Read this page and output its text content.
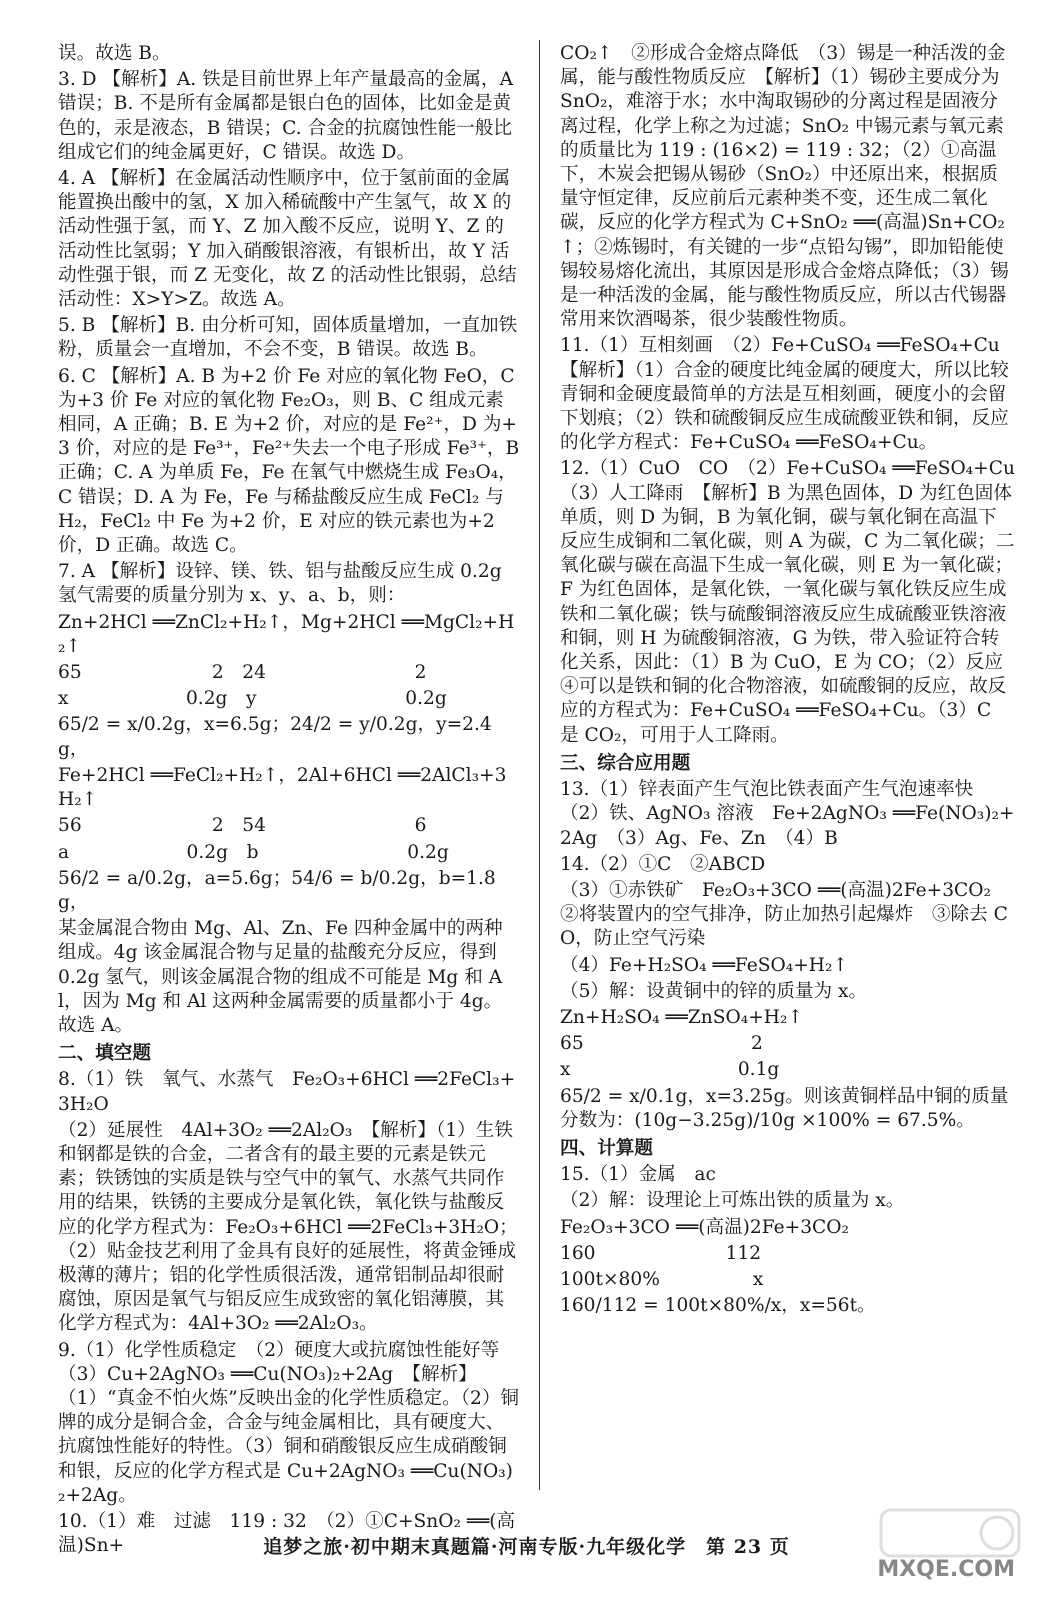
误。故选 B。

3. D 【解析】A. 铁是目前世界上年产量最高的金属，A 错误；B. 不是所有金属都是银白色的固体，比如金是黄色的，汞是液态，B 错误；C. 合金的抗腐蚀性能一般比组成它们的纯金属更好，C 错误。故选 D。

4. A 【解析】在金属活动性顺序中，位于氢前面的金属能置换出酸中的氢，X 加入稀硫酸中产生氢气，故 X 的活动性强于氢，而 Y、Z 加入酸不反应，说明 Y、Z 的活动性比氢弱；Y 加入硝酸银溶液，有银析出，故 Y 活动性强于银，而 Z 无变化，故 Z 的活动性比银弱，总结活动性：X>Y>Z。故选 A。

5. B 【解析】B. 由分析可知，固体质量增加，一直加铁粉，质量会一直增加，不会不变，B 错误。故选 B。

6. C 【解析】A. B 为+2 价 Fe 对应的氧化物 FeO，C 为+3 价 Fe 对应的氧化物 Fe₂O₃，则 B、C 组成元素相同，A 正确；B. E 为+2 价，对应的是 Fe²⁺，D 为+3 价，对应的是 Fe³⁺，Fe²⁺失去一个电子形成 Fe³⁺，B 正确；C. A 为单质 Fe，Fe 在氧气中燃烧生成 Fe₃O₄，C 错误；D. A 为 Fe，Fe 与稀盐酸反应生成 FeCl₂ 与 H₂，FeCl₂ 中 Fe 为+2 价，E 对应的铁元素也为+2 价，D 正确。故选 C。

7. A 【解析】设锌、镁、铁、铝与盐酸反应生成 0.2g 氢气需要的质量分别为 x、y、a、b，则：

Zn+2HCl ══ZnCl₂+H₂↑，Mg+2HCl ══MgCl₂+H₂↑

65　　　　　　　2　24　　　　　　　　2

x　　　　　　 0.2g　y　　　　　　　　0.2g

65/2 = x/0.2g，x=6.5g；24/2 = y/0.2g，y=2.4g，

Fe+2HCl ══FeCl₂+H₂↑，2Al+6HCl ══2AlCl₃+3H₂↑

56　　　　　　　2　54　　　　　　　　6

a　　　　　　 0.2g　b　　　　　　　　0.2g

56/2 = a/0.2g，a=5.6g；54/6 = b/0.2g，b=1.8g，

某金属混合物由 Mg、Al、Zn、Fe 四种金属中的两种组成。4g 该金属混合物与足量的盐酸充分反应，得到 0.2g 氢气，则该金属混合物的组成不可能是 Mg 和 Al，因为 Mg 和 Al 这两种金属需要的质量都小于 4g。故选 A。

二、填空题

8.（1）铁　氧气、水蒸气　Fe₂O₃+6HCl ══2FeCl₃+3H₂O

（2）延展性　4Al+3O₂ ══2Al₂O₃　【解析】（1）生铁和钢都是铁的合金，二者含有的最主要的元素是铁元素；铁锈蚀的实质是铁与空气中的氧气、水蒸气共同作用的结果，铁锈的主要成分是氧化铁，氧化铁与盐酸反应的化学方程式为：Fe₂O₃+6HCl ══2FeCl₃+3H₂O；（2）贴金技艺利用了金具有良好的延展性，将黄金锤成极薄的薄片；铝的化学性质很活泼，通常铝制品却很耐腐蚀，原因是氧气与铝反应生成致密的氧化铝薄膜，其化学方程式为：4Al+3O₂ ══2Al₂O₃。

9.（1）化学性质稳定　（2）硬度大或抗腐蚀性能好等　（3）Cu+2AgNO₃ ══Cu(NO₃)₂+2Ag　【解析】（1）“真金不怕火炼”反映出金的化学性质稳定。（2）铜牌的成分是铜合金，合金与纯金属相比，具有硬度大、抗腐蚀性能好的特性。（3）铜和硝酸银反应生成硝酸铜和银，反应的化学方程式是 Cu+2AgNO₃ ══Cu(NO₃)₂+2Ag。

10.（1）难　过滤　119 : 32　（2）①C+SnO₂ ══(高温)Sn+

CO₂↑　②形成合金熔点降低　（3）锡是一种活泼的金属，能与酸性物质反应　【解析】（1）锡砂主要成分为 SnO₂，难溶于水；水中淘取锡砂的分离过程是固液分离过程，化学上称之为过滤；SnO₂ 中锡元素与氧元素的质量比为 119 : (16×2) = 119 : 32；（2）①高温下，木炭会把锡从锡砂（SnO₂）中还原出来，根据质量守恒定律，反应前后元素种类不变，还生成二氧化碳，反应的化学方程式为 C+SnO₂ ══(高温)Sn+CO₂↑；②炼锡时，有关键的一步“点铅勾锡”，即加铅能使锡较易熔化流出，其原因是形成合金熔点降低；（3）锡是一种活泼的金属，能与酸性物质反应，所以古代锡器常用来饮酒喝茶，很少装酸性物质。

11.（1）互相刻画　（2）Fe+CuSO₄ ══FeSO₄+Cu　【解析】（1）合金的硬度比纯金属的硬度大，所以比较青铜和金硬度最简单的方法是互相刻画，硬度小的会留下划痕；（2）铁和硫酸铜反应生成硫酸亚铁和铜，反应的化学方程式：Fe+CuSO₄ ══FeSO₄+Cu。

12.（1）CuO　CO　（2）Fe+CuSO₄ ══FeSO₄+Cu　（3）人工降雨　【解析】B 为黑色固体，D 为红色固体单质，则 D 为铜，B 为氧化铜，碳与氧化铜在高温下反应生成铜和二氧化碳，则 A 为碳，C 为二氧化碳；二氧化碳与碳在高温下生成一氧化碳，则 E 为一氧化碳；F 为红色固体，是氧化铁，一氧化碳与氧化铁反应生成铁和二氧化碳；铁与硫酸铜溶液反应生成硫酸亚铁溶液和铜，则 H 为硫酸铜溶液，G 为铁，带入验证符合转化关系，因此：（1）B 为 CuO，E 为 CO；（2）反应④可以是铁和铜的化合物溶液，如硫酸铜的反应，故反应的方程式为：Fe+CuSO₄ ══FeSO₄+Cu。（3）C 是 CO₂，可用于人工降雨。

三、综合应用题

13.（1）锌表面产生气泡比铁表面产生气泡速率快　（2）铁、AgNO₃ 溶液　Fe+2AgNO₃ ══Fe(NO₃)₂+2Ag　（3）Ag、Fe、Zn　（4）B

14.（2）①C　②ABCD

（3）①赤铁矿　Fe₂O₃+3CO ══(高温)2Fe+3CO₂　②将装置内的空气排净，防止加热引起爆炸　③除去 CO，防止空气污染

（4）Fe+H₂SO₄ ══FeSO₄+H₂↑

（5）解：设黄铜中的锌的质量为 x。

Zn+H₂SO₄ ══ZnSO₄+H₂↑

65　　　　　　　　　2

x　　　　　　　　　0.1g

65/2 = x/0.1g，x=3.25g。则该黄铜样品中铜的质量分数为：(10g−3.25g)/10g ×100% = 67.5%。

四、计算题

15.（1）金属　ac

（2）解：设理论上可炼出铁的质量为 x。

Fe₂O₃+3CO ══(高温)2Fe+3CO₂

160　　　　　　　112

100t×80%　　　　　x

160/112 = 100t×80%/x，x=56t。

追梦之旅·初中期末真题篇·河南专版·九年级化学　第 23 页
MXQE.COM
